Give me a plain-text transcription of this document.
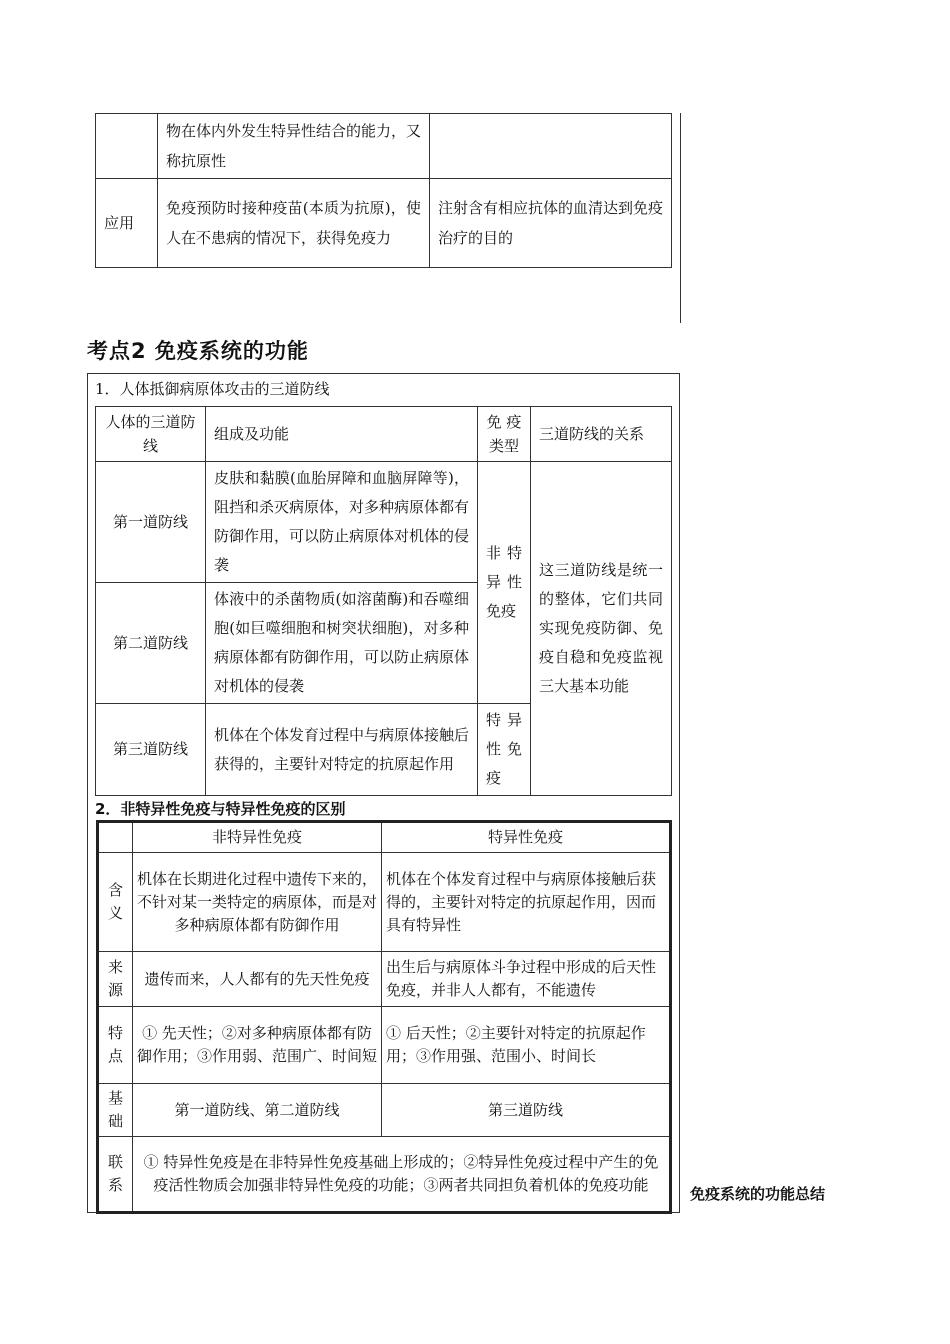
	物在体内外发生特异性结合的能力，又称抗原性	
应用	免疫预防时接种疫苗(本质为抗原)，使人在不患病的情况下，获得免疫力	注射含有相应抗体的血清达到免疫治疗的目的
考点2 免疫系统的功能
1．人体抵御病原体攻击的三道防线
人体的三道防线	组成及功能	免 疫 类型	三道防线的关系
第一道防线	皮肤和黏膜(血胎屏障和血脑屏障等)，阻挡和杀灭病原体，对多种病原体都有防御作用，可以防止病原体对机体的侵袭	非 特 异 性 免疫	这三道防线是统一的整体，它们共同实现免疫防御、免疫自稳和免疫监视三大基本功能
第二道防线	体液中的杀菌物质(如溶菌酶)和吞噬细胞(如巨噬细胞和树突状细胞)，对多种病原体都有防御作用，可以防止病原体对机体的侵袭		
第三道防线	机体在个体发育过程中与病原体接触后获得的，主要针对特定的抗原起作用	特 异 性 免 疫	
2．非特异性免疫与特异性免疫的区别
	非特异性免疫	特异性免疫
含义	机体在长期进化过程中遗传下来的，不针对某一类特定的病原体，而是对多种病原体都有防御作用	机体在个体发育过程中与病原体接触后获得的，主要针对特定的抗原起作用，因而具有特异性
来源	遗传而来，人人都有的先天性免疫	出生后与病原体斗争过程中形成的后天性免疫，并非人人都有，不能遗传
特点	① 先天性；②对多种病原体都有防御作用；③作用弱、范围广、时间短	① 后天性；②主要针对特定的抗原起作用；③作用强、范围小、时间长
基础	第一道防线、第二道防线	第三道防线
联系	① 特异性免疫是在非特异性免疫基础上形成的；②特异性免疫过程中产生的免疫活性物质会加强非特异性免疫的功能；③两者共同担负着机体的免疫功能		免疫系统的功能总结
